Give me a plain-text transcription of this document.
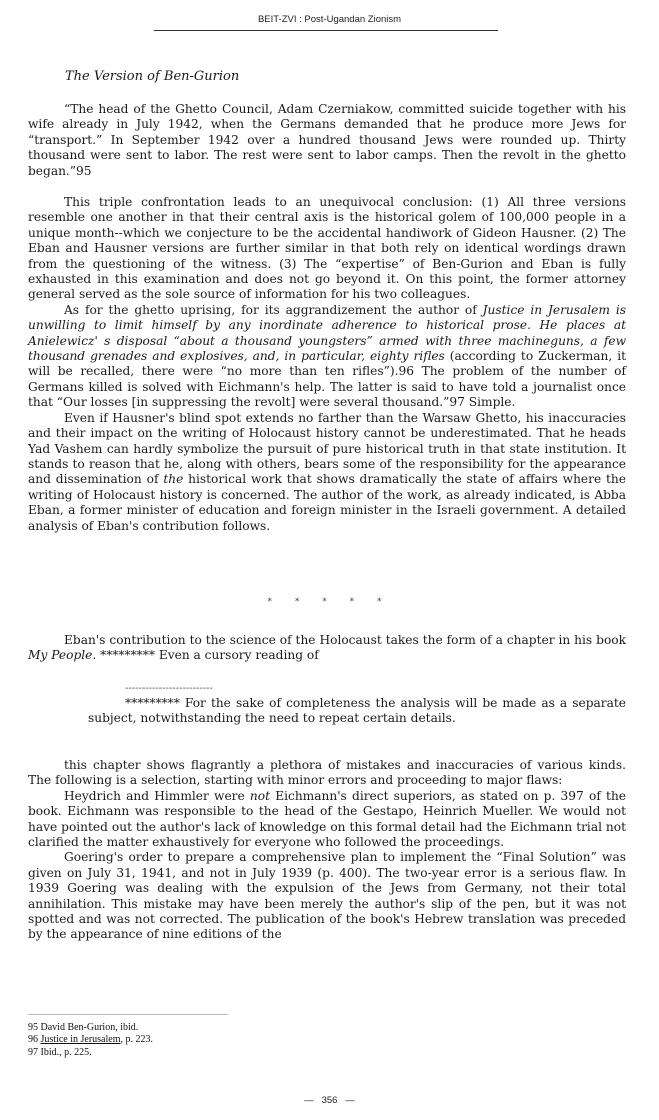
BEIT-ZVI : Post-Ugandan Zionism
The Version of Ben-Gurion

“The head of the Ghetto Council, Adam Czerniakow, committed suicide together with his wife already in July 1942, when the Germans demanded that he produce more Jews for “transport.” In September 1942 over a hundred thousand Jews were rounded up. Thirty thousand were sent to labor. The rest were sent to labor camps. Then the revolt in the ghetto began.”95

This triple confrontation leads to an unequivocal conclusion: (1) All three versions resemble one another in that their central axis is the historical golem of 100,000 people in a unique month--which we conjecture to be the accidental handiwork of Gideon Hausner. (2) The Eban and Hausner versions are further similar in that both rely on identical wordings drawn from the questioning of the witness. (3) The “expertise” of Ben-Gurion and Eban is fully exhausted in this examination and does not go beyond it. On this point, the former attorney general served as the sole source of information for his two colleagues.

As for the ghetto uprising, for its aggrandizement the author of Justice in Jerusalem is unwilling to limit himself by any inordinate adherence to historical prose. He places at Anielewicz' s disposal “about a thousand youngsters” armed with three machineguns, a few thousand grenades and explosives, and, in particular, eighty rifles (according to Zuckerman, it will be recalled, there were “no more than ten rifles”).96 The problem of the number of Germans killed is solved with Eichmann's help. The latter is said to have told a journalist once that “Our losses [in suppressing the revolt] were several thousand.”97 Simple.

Even if Hausner's blind spot extends no farther than the Warsaw Ghetto, his inaccuracies and their impact on the writing of Holocaust history cannot be underestimated. That he heads Yad Vashem can hardly symbolize the pursuit of pure historical truth in that state institution. It stands to reason that he, along with others, bears some of the responsibility for the appearance and dissemination of the historical work that shows dramatically the state of affairs where the writing of Holocaust history is concerned. The author of the work, as already indicated, is Abba Eban, a former minister of education and foreign minister in the Israeli government. A detailed analysis of Eban's contribution follows.

* * * * *

Eban's contribution to the science of the Holocaust takes the form of a chapter in his book My People. ********* Even a cursory reading of

--------------------------

********* For the sake of completeness the analysis will be made as a separate subject, notwithstanding the need to repeat certain details.

this chapter shows flagrantly a plethora of mistakes and inaccuracies of various kinds. The following is a selection, starting with minor errors and proceeding to major flaws:

Heydrich and Himmler were not Eichmann's direct superiors, as stated on p. 397 of the book. Eichmann was responsible to the head of the Gestapo, Heinrich Mueller. We would not have pointed out the author's lack of knowledge on this formal detail had the Eichmann trial not clarified the matter exhaustively for everyone who followed the proceedings.

Goering's order to prepare a comprehensive plan to implement the “Final Solution” was given on July 31, 1941, and not in July 1939 (p. 400). The two-year error is a serious flaw. In 1939 Goering was dealing with the expulsion of the Jews from Germany, not their total annihilation. This mistake may have been merely the author's slip of the pen, but it was not spotted and was not corrected. The publication of the book's Hebrew translation was preceded by the appearance of nine editions of the

95 David Ben-Gurion, ibid.
96 Justice in Jerusalem, p. 223.
97 Ibid., p. 225.
— 356 —
